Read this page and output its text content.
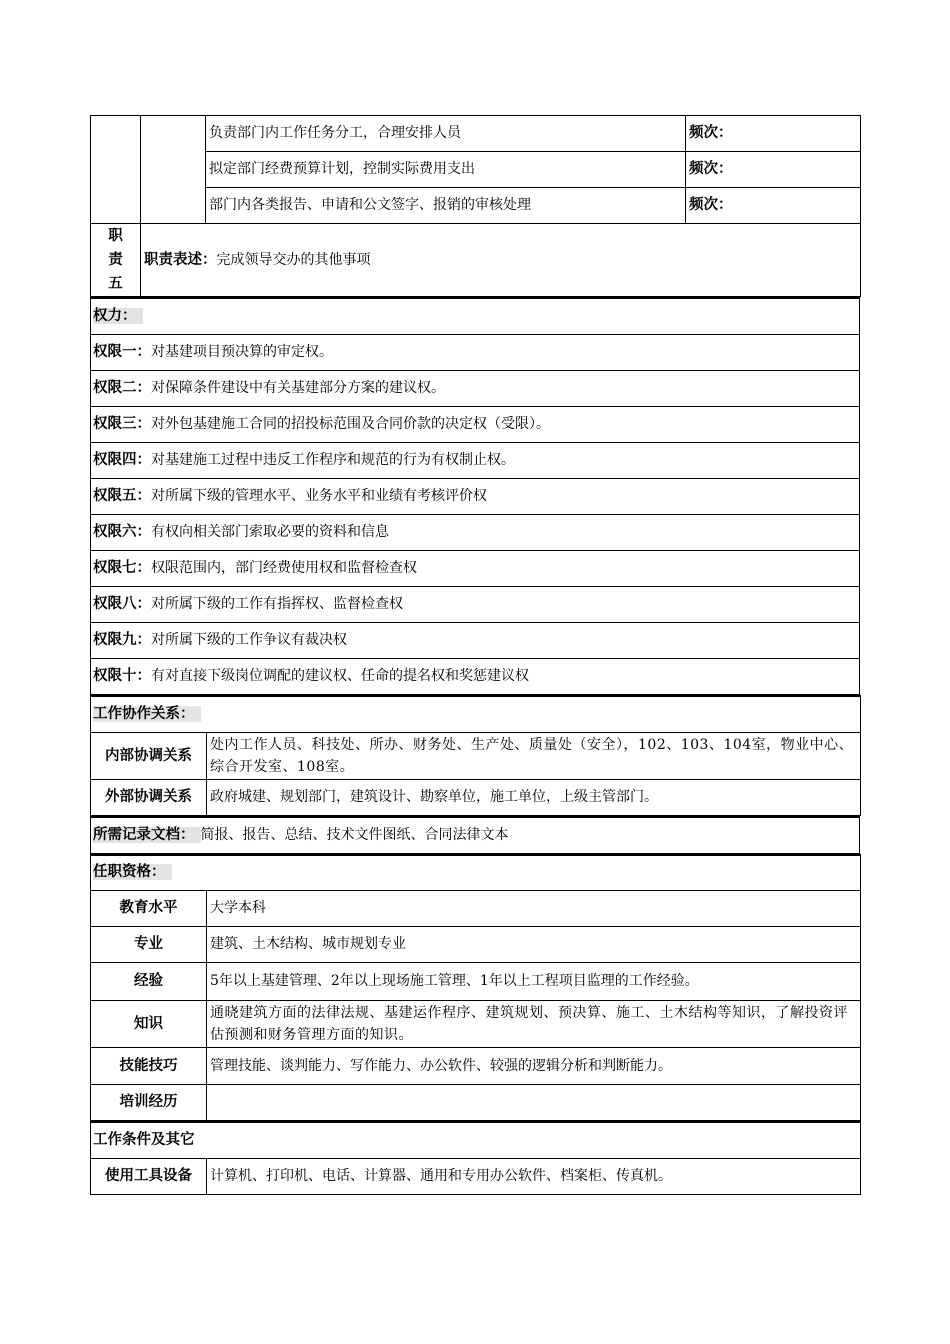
		负责部门内工作任务分工，合理安排人员	频次：
		拟定部门经费预算计划，控制实际费用支出	频次：
		部门内各类报告、申请和公文签字、报销的审核处理	频次：

职
责
五	职责表述：完成领导交办的其他事项		
权力：
权限一：对基建项目预决算的审定权。
权限二：对保障条件建设中有关基建部分方案的建议权。
权限三：对外包基建施工合同的招投标范围及合同价款的决定权（受限）。
权限四：对基建施工过程中违反工作程序和规范的行为有权制止权。
权限五：对所属下级的管理水平、业务水平和业绩有考核评价权
权限六：有权向相关部门索取必要的资料和信息
权限七：权限范围内，部门经费使用权和监督检查权
权限八：对所属下级的工作有指挥权、监督检查权
权限九：对所属下级的工作争议有裁决权
权限十：有对直接下级岗位调配的建议权、任命的提名权和奖惩建议权
工作协作关系：	
内部协调关系	处内工作人员、科技处、所办、财务处、生产处、质量处（安全），102、103、104室，物业中心、综合开发室、108室。
外部协调关系	政府城建、规划部门，建筑设计、勘察单位，施工单位，上级主管部门。
所需记录文档： 简报、报告、总结、技术文件图纸、合同法律文本
任职资格：	
教育水平	大学本科
专业	建筑、土木结构、城市规划专业
经验	5年以上基建管理、2年以上现场施工管理、1年以上工程项目监理的工作经验。
知识	通晓建筑方面的法律法规、基建运作程序、建筑规划、预决算、施工、土木结构等知识，了解投资评估预测和财务管理方面的知识。
技能技巧	管理技能、谈判能力、写作能力、办公软件、较强的逻辑分析和判断能力。
培训经历	
工作条件及其它
使用工具设备	计算机、打印机、电话、计算器、通用和专用办公软件、档案柜、传真机。
